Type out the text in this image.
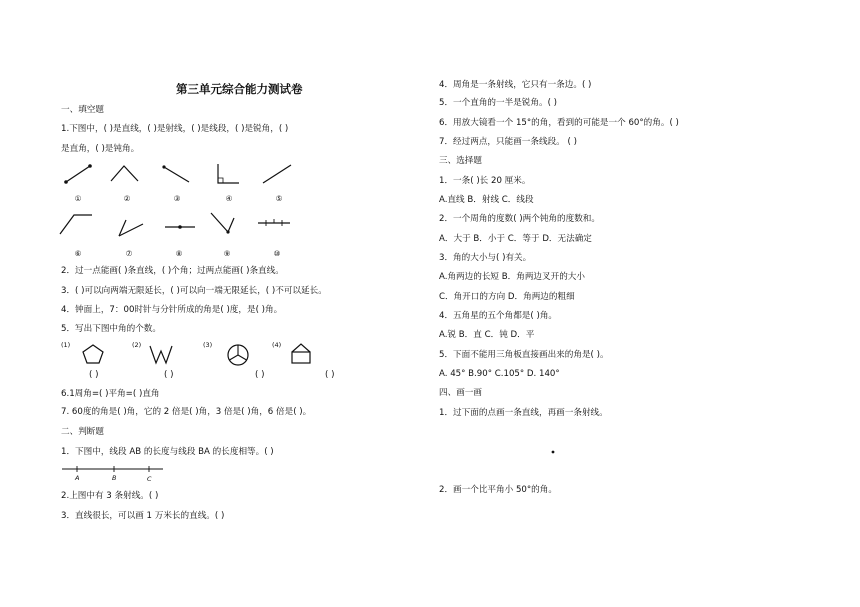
第三单元综合能力测试卷
一、填空题
1.下图中，( )是直线，( )是射线，( )是线段，( )是锐角，( )
是直角，( )是钝角。
①	②	③	④	⑤
⑥	⑦	⑧	⑨	⑩
2．过一点能画( )条直线，( )个角；过两点能画( )条直线。
3．( )可以向两端无限延长，( )可以向一端无限延长，( )不可以延长。
4．钟面上，7：00时针与分针所成的角是( )度，是( )角。
5．写出下图中角的个数。
(1)	(2)	(3)	(4)
( )	( )	( )	( )
6.1周角=( )平角=( )直角
7. 60度的角是( )角，它的 2 倍是( )角，3 倍是( )角，6 倍是( )。
二、判断题
1．下图中，线段 AB 的长度与线段 BA 的长度相等。( )
A	B	C
2.上图中有 3 条射线。( )
3．直线很长，可以画 1 万米长的直线。( )
4．周角是一条射线，它只有一条边。( )
5．一个直角的一半是锐角。( )
6．用放大镜看一个 15°的角，看到的可能是一个 60°的角。( )
7．经过两点，只能画一条线段。 ( )
三、选择题
1．一条( )长 20 厘米。
A.直线 B．射线 C．线段
2．一个周角的度数( )两个钝角的度数和。
A．大于 B．小于 C．等于 D．无法确定
3．角的大小与( )有关。
A.角两边的长短 B．角两边叉开的大小
C．角开口的方向 D．角两边的粗细
4．五角星的五个角都是( )角。
A.锐 B．直 C．钝 D．平
5．下面不能用三角板直接画出来的角是( )。
A. 45° B.90° C.105° D. 140°
四、画一画
1．过下面的点画一条直线，再画一条射线。
2．画一个比平角小 50°的角。
